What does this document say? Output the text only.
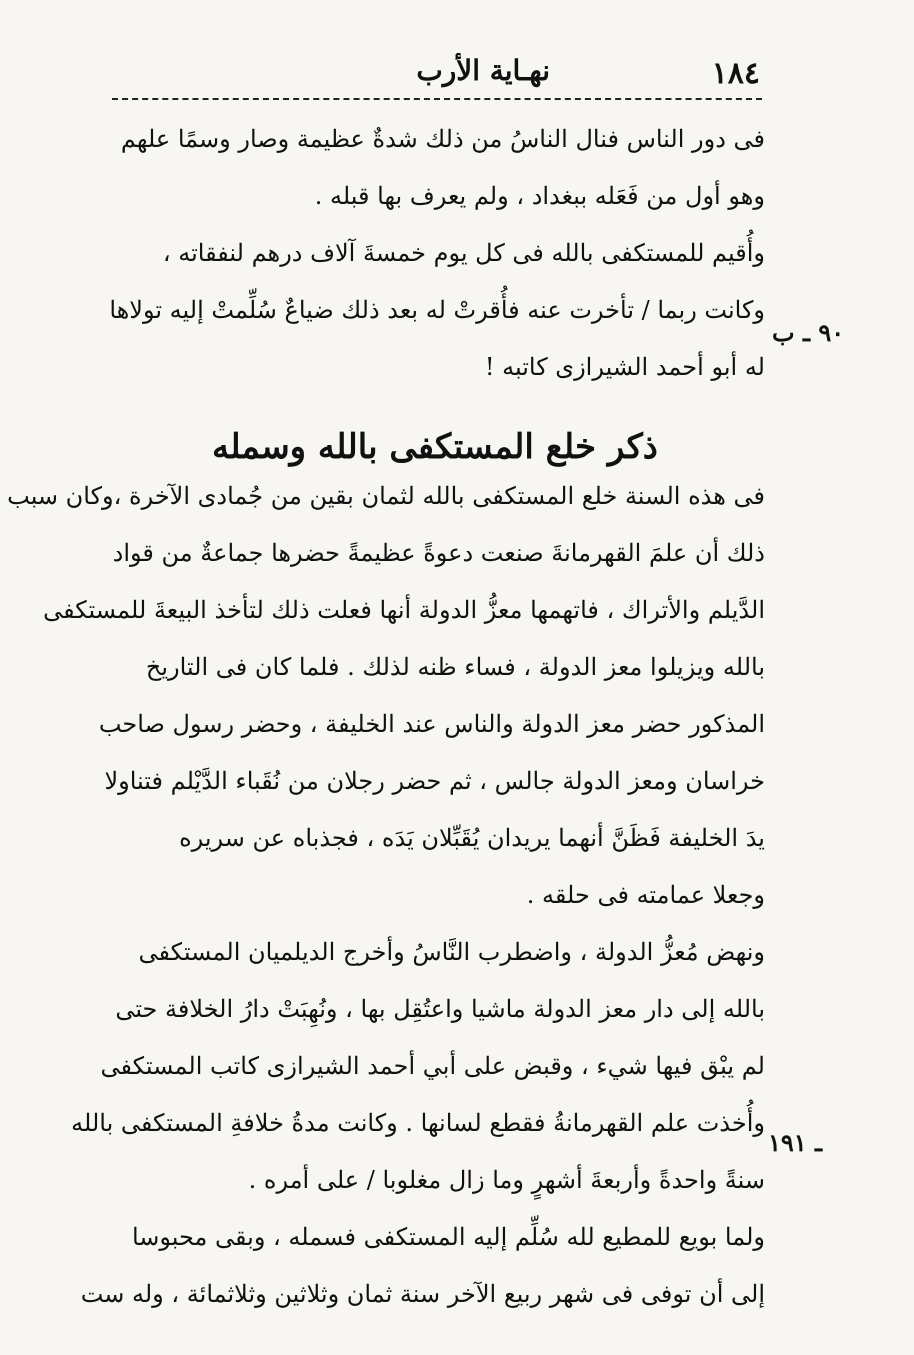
١٨٤
نهـاية الأرب
فى دور الناس فنال الناسُ من ذلك شدةٌ عظيمة وصار وسمًا علهم
وهو أول من فَعَله ببغداد ، ولم يعرف بها قبله .
وأُقيم للمستكفى بالله فى كل يوم خمسةَ آلاف درهم لنفقاته ،
وكانت ربما / تأخرت عنه فأُقرتْ له بعد ذلك ضياعٌ سُلِّمتْ إليه تولاها
له أبو أحمد الشيرازى كاتبه !
ذكر خلع المستكفى بالله وسمله
فى هذه السنة خلع المستكفى بالله لثمان بقين من جُمادى الآخرة ،وكان سبب
ذلك أن علمَ القهرمانةَ صنعت دعوةً عظيمةً حضرها جماعةٌ من قواد
الدَّيلم والأتراك ، فاتهمها معزُّ الدولة أنها فعلت ذلك لتأخذ البيعةَ للمستكفى
بالله ويزيلوا معز الدولة ، فساء ظنه لذلك . فلما كان فى التاريخ
المذكور حضر معز الدولة والناس عند الخليفة ، وحضر رسول صاحب
خراسان ومعز الدولة جالس ، ثم حضر رجلان من نُقَباء الدَّيْلم فتناولا
يدَ الخليفة فَظَنَّ أنهما يريدان يُقَبِّلان يَدَه ، فجذباه عن سريره
وجعلا عمامته فى حلقه .
ونهض مُعزُّ الدولة ، واضطرب النَّاسُ وأخرج الديلميان المستكفى
بالله إلى دار معز الدولة ماشيا واعتُقِل بها ، ونُهِبَتْ دارُ الخلافة حتى
لم يبْق فيها شيء ، وقبض على أبي أحمد الشيرازى كاتب المستكفى
وأُخذت علم القهرمانةُ فقطع لسانها . وكانت مدةُ خلافةِ المستكفى بالله
سنةً واحدةً وأربعةَ أشهرٍ وما زال مغلوبا / على أمره .
ولما بويع للمطيع لله سُلِّم إليه المستكفى فسمله ، وبقى محبوسا
إلى أن توفى فى شهر ربيع الآخر سنة ثمان وثلاثين وثلاثمائة ، وله ست
٩٠ ـ ب
ـ ١٩١
